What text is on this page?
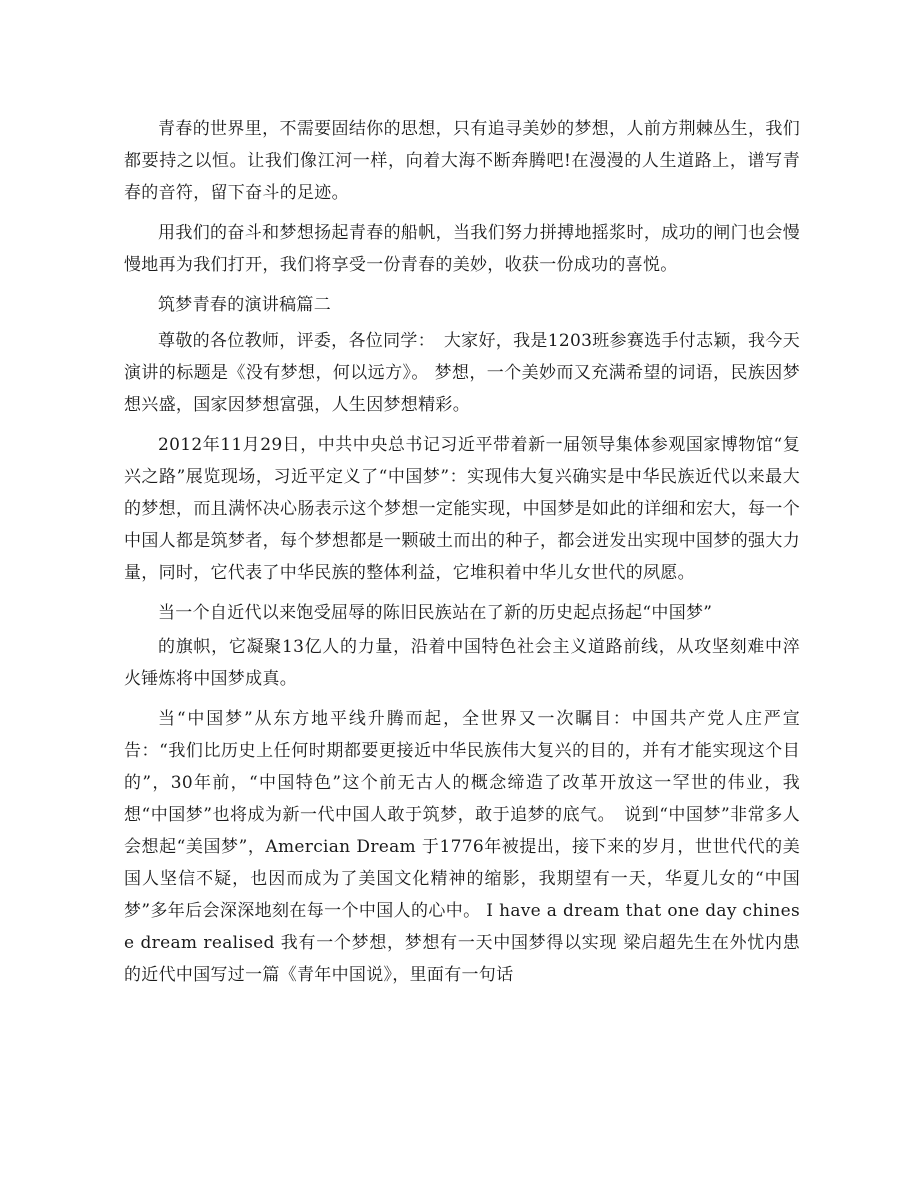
青春的世界里，不需要固结你的思想，只有追寻美妙的梦想，人前方荆棘丛生，我们都要持之以恒。让我们像江河一样，向着大海不断奔腾吧!在漫漫的人生道路上，谱写青春的音符，留下奋斗的足迹。

用我们的奋斗和梦想扬起青春的船帆，当我们努力拼搏地摇浆时，成功的闸门也会慢慢地再为我们打开，我们将享受一份青春的美妙，收获一份成功的喜悦。

筑梦青春的演讲稿篇二

尊敬的各位教师，评委，各位同学：　大家好，我是1203班参赛选手付志颖，我今天演讲的标题是《没有梦想，何以远方》。 梦想，一个美妙而又充满希望的词语，民族因梦想兴盛，国家因梦想富强，人生因梦想精彩。

2012年11月29日，中共中央总书记习近平带着新一届领导集体参观国家博物馆“复兴之路”展览现场，习近平定义了“中国梦”：实现伟大复兴确实是中华民族近代以来最大的梦想，而且满怀决心肠表示这个梦想一定能实现，中国梦是如此的详细和宏大，每一个中国人都是筑梦者，每个梦想都是一颗破土而出的种子，都会迸发出实现中国梦的强大力量，同时，它代表了中华民族的整体利益，它堆积着中华儿女世代的夙愿。

当一个自近代以来饱受屈辱的陈旧民族站在了新的历史起点扬起“中国梦”

的旗帜，它凝聚13亿人的力量，沿着中国特色社会主义道路前线，从攻坚刻难中淬火锤炼将中国梦成真。

当“中国梦”从东方地平线升腾而起，全世界又一次瞩目：中国共产党人庄严宣告：“我们比历史上任何时期都要更接近中华民族伟大复兴的目的，并有才能实现这个目的”，30年前，“中国特色”这个前无古人的概念缔造了改革开放这一罕世的伟业，我想“中国梦”也将成为新一代中国人敢于筑梦，敢于追梦的底气。　说到“中国梦”非常多人会想起“美国梦”，Amercian Dream 于1776年被提出，接下来的岁月，世世代代的美国人坚信不疑，也因而成为了美国文化精神的缩影，我期望有一天，华夏儿女的“中国梦”多年后会深深地刻在每一个中国人的心中。 I have a dream that one day chinese dream realised 我有一个梦想，梦想有一天中国梦得以实现 梁启超先生在外忧内患的近代中国写过一篇《青年中国说》，里面有一句话
